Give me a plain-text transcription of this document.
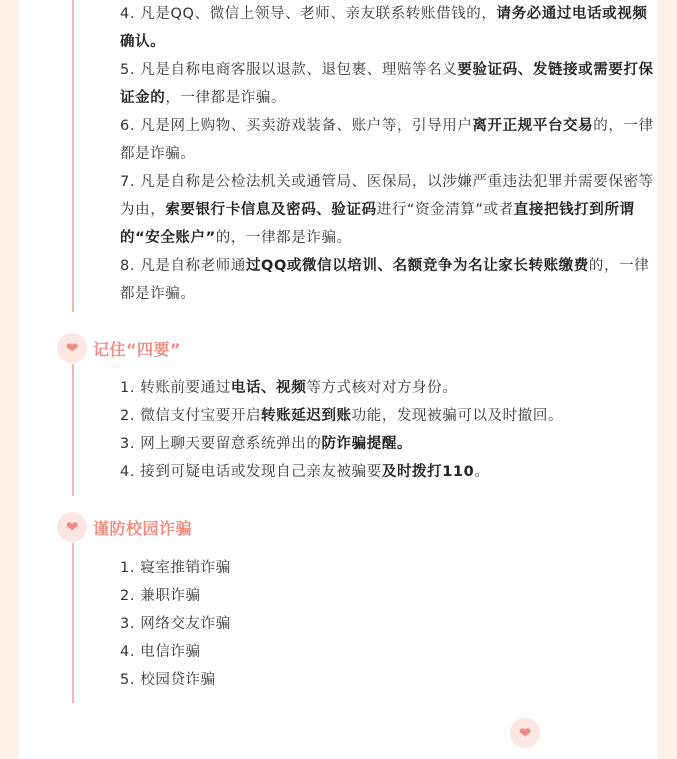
4. 凡是QQ、微信上领导、老师、亲友联系转账借钱的，请务必通过电话或视频确认。

5. 凡是自称电商客服以退款、退包裹、理赔等名义要验证码、发链接或需要打保证金的，一律都是诈骗。

6. 凡是网上购物、买卖游戏装备、账户等，引导用户离开正规平台交易的，一律都是诈骗。

7. 凡是自称是公检法机关或通管局、医保局，以涉嫌严重违法犯罪并需要保密等为由，索要银行卡信息及密码、验证码进行“资金清算”或者直接把钱打到所谓的“安全账户”的，一律都是诈骗。

8. 凡是自称老师通过QQ或微信以培训、名额竞争为名让家长转账缴费的，一律都是诈骗。

❤ 记住“四要”
1. 转账前要通过电话、视频等方式核对对方身份。
2. 微信支付宝要开启转账延迟到账功能，发现被骗可以及时撤回。
3. 网上聊天要留意系统弹出的防诈骗提醒。
4. 接到可疑电话或发现自己亲友被骗要及时拨打110。
❤ 谨防校园诈骗
1. 寝室推销诈骗
2. 兼职诈骗
3. 网络交友诈骗
4. 电信诈骗
5. 校园贷诈骗
❤
